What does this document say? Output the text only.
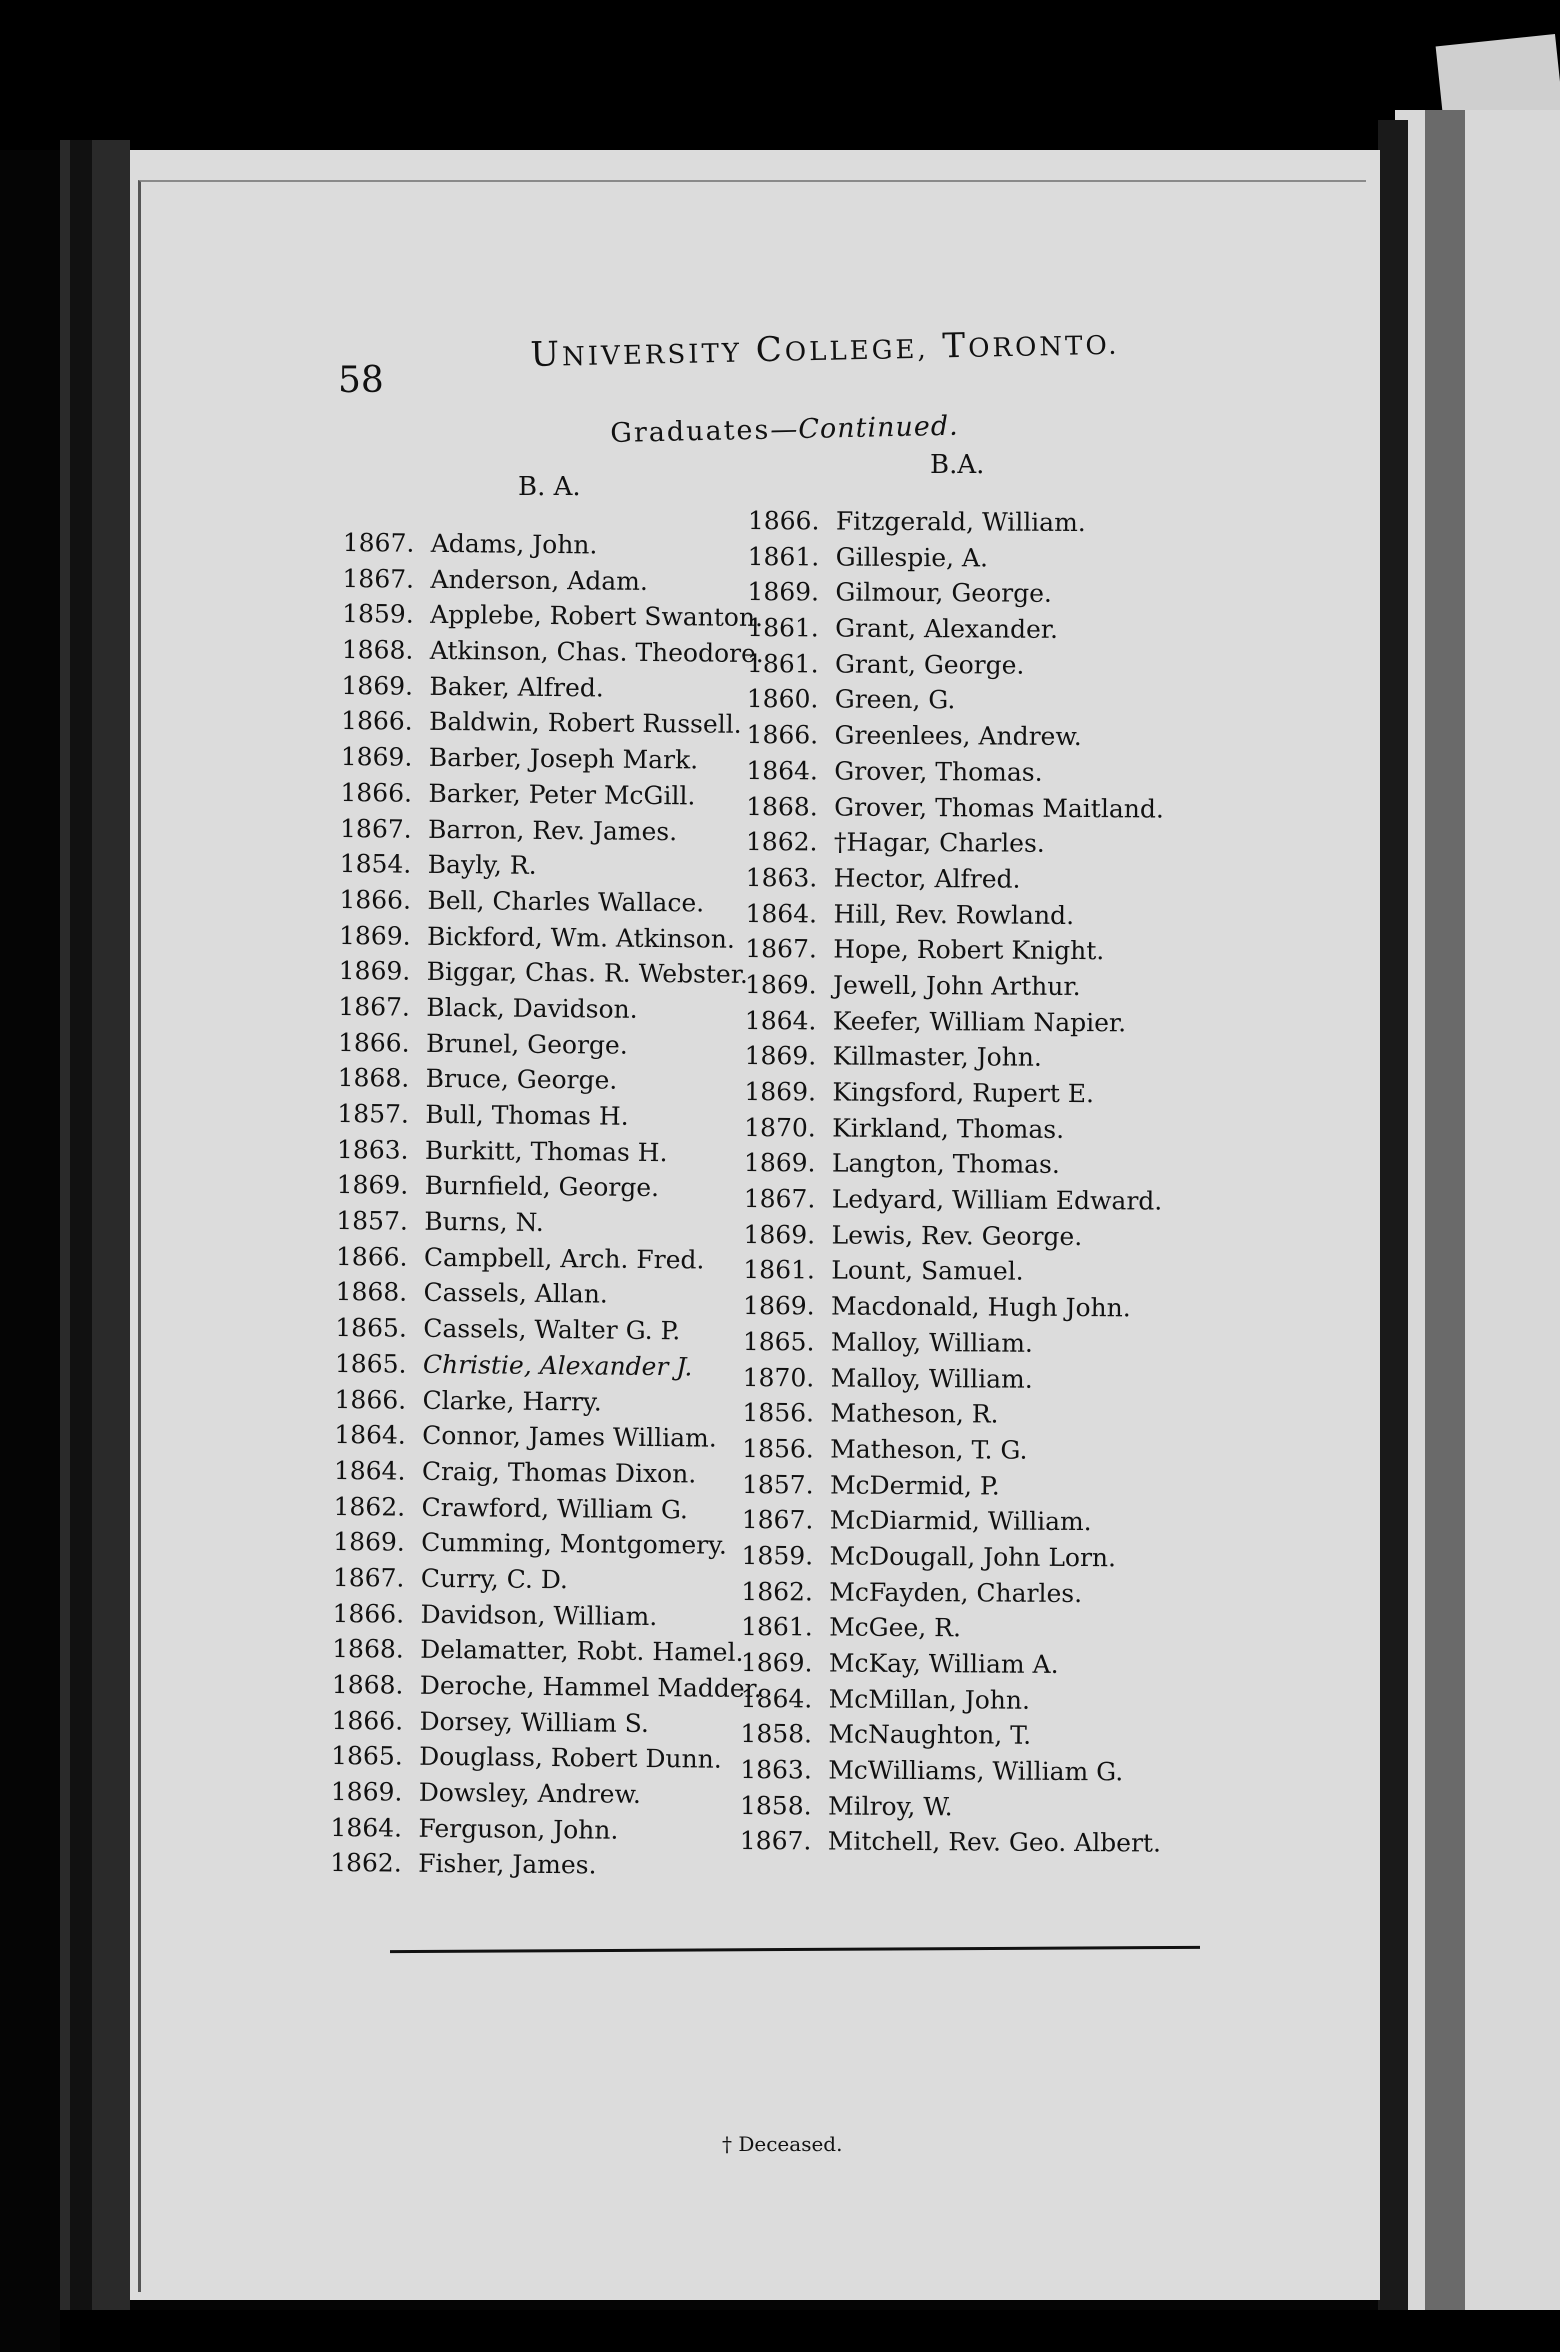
58
UNIVERSITY COLLEGE, TORONTO.
Graduates—Continued.
B. A.
B.A.
1867. Adams, John.
1867. Anderson, Adam.
1859. Applebe, Robert Swanton.
1868. Atkinson, Chas. Theodore.
1869. Baker, Alfred.
1866. Baldwin, Robert Russell.
1869. Barber, Joseph Mark.
1866. Barker, Peter McGill.
1867. Barron, Rev. James.
1854. Bayly, R.
1866. Bell, Charles Wallace.
1869. Bickford, Wm. Atkinson.
1869. Biggar, Chas. R. Webster.
1867. Black, Davidson.
1866. Brunel, George.
1868. Bruce, George.
1857. Bull, Thomas H.
1863. Burkitt, Thomas H.
1869. Burnfield, George.
1857. Burns, N.
1866. Campbell, Arch. Fred.
1868. Cassels, Allan.
1865. Cassels, Walter G. P.
1865. Christie, Alexander J.
1866. Clarke, Harry.
1864. Connor, James William.
1864. Craig, Thomas Dixon.
1862. Crawford, William G.
1869. Cumming, Montgomery.
1867. Curry, C. D.
1866. Davidson, William.
1868. Delamatter, Robt. Hamel.
1868. Deroche, Hammel Madder.
1866. Dorsey, William S.
1865. Douglass, Robert Dunn.
1869. Dowsley, Andrew.
1864. Ferguson, John.
1862. Fisher, James.
1866. Fitzgerald, William.
1861. Gillespie, A.
1869. Gilmour, George.
1861. Grant, Alexander.
1861. Grant, George.
1860. Green, G.
1866. Greenlees, Andrew.
1864. Grover, Thomas.
1868. Grover, Thomas Maitland.
1862. †Hagar, Charles.
1863. Hector, Alfred.
1864. Hill, Rev. Rowland.
1867. Hope, Robert Knight.
1869. Jewell, John Arthur.
1864. Keefer, William Napier.
1869. Killmaster, John.
1869. Kingsford, Rupert E.
1870. Kirkland, Thomas.
1869. Langton, Thomas.
1867. Ledyard, William Edward.
1869. Lewis, Rev. George.
1861. Lount, Samuel.
1869. Macdonald, Hugh John.
1865. Malloy, William.
1870. Malloy, William.
1856. Matheson, R.
1856. Matheson, T. G.
1857. McDermid, P.
1867. McDiarmid, William.
1859. McDougall, John Lorn.
1862. McFayden, Charles.
1861. McGee, R.
1869. McKay, William A.
1864. McMillan, John.
1858. McNaughton, T.
1863. McWilliams, William G.
1858. Milroy, W.
1867. Mitchell, Rev. Geo. Albert.
† Deceased.
